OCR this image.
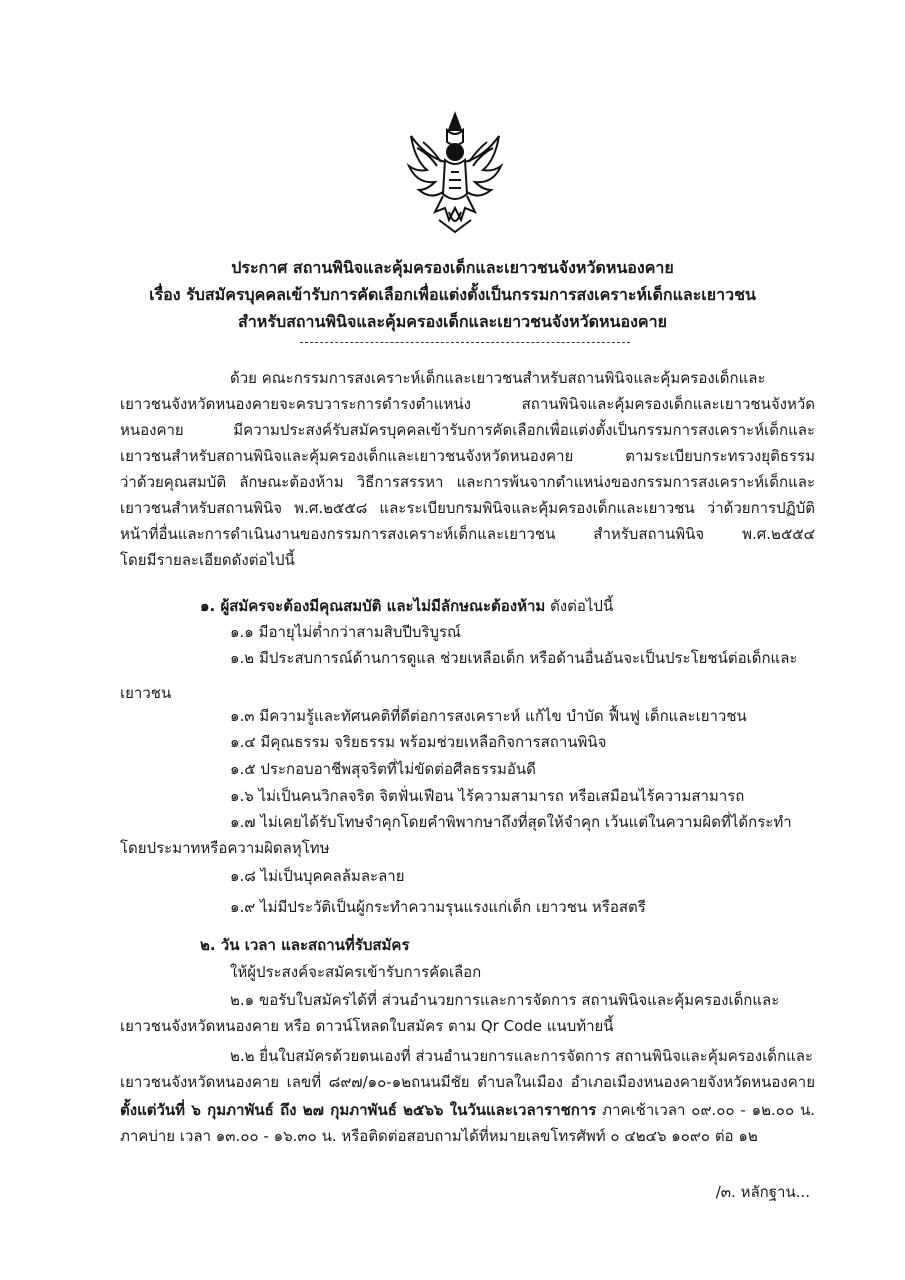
ประกาศ สถานพินิจและคุ้มครองเด็กและเยาวชนจังหวัดหนองคาย
เรื่อง รับสมัครบุคคลเข้ารับการคัดเลือกเพื่อแต่งตั้งเป็นกรรมการสงเคราะห์เด็กและเยาวชน
สำหรับสถานพินิจและคุ้มครองเด็กและเยาวชนจังหวัดหนองคาย
ด้วย คณะกรรมการสงเคราะห์เด็กและเยาวชนสำหรับสถานพินิจและคุ้มครองเด็กและ
เยาวชนจังหวัดหนองคายจะครบวาระการดำรงตำแหน่ง สถานพินิจและคุ้มครองเด็กและเยาวชนจังหวัด
หนองคาย มีความประสงค์รับสมัครบุคคลเข้ารับการคัดเลือกเพื่อแต่งตั้งเป็นกรรมการสงเคราะห์เด็กและ
เยาวชนสำหรับสถานพินิจและคุ้มครองเด็กและเยาวชนจังหวัดหนองคาย ตามระเบียบกระทรวงยุติธรรม
ว่าด้วยคุณสมบัติ ลักษณะต้องห้าม วิธีการสรรหา และการพ้นจากตำแหน่งของกรรมการสงเคราะห์เด็กและ
เยาวชนสำหรับสถานพินิจ พ.ศ.๒๕๕๘ และระเบียบกรมพินิจและคุ้มครองเด็กและเยาวชน ว่าด้วยการปฏิบัติ
หน้าที่อื่นและการดำเนินงานของกรรมการสงเคราะห์เด็กและเยาวชน สำหรับสถานพินิจ พ.ศ.๒๕๕๔
โดยมีรายละเอียดดังต่อไปนี้
๑. ผู้สมัครจะต้องมีคุณสมบัติ และไม่มีลักษณะต้องห้าม ดังต่อไปนี้
๑.๑ มีอายุไม่ต่ำกว่าสามสิบปีบริบูรณ์
๑.๒ มีประสบการณ์ด้านการดูแล ช่วยเหลือเด็ก หรือด้านอื่นอันจะเป็นประโยชน์ต่อเด็กและ
เยาวชน
๑.๓ มีความรู้และทัศนคติที่ดีต่อการสงเคราะห์ แก้ไข บำบัด ฟื้นฟู เด็กและเยาวชน
๑.๔ มีคุณธรรม จริยธรรม พร้อมช่วยเหลือกิจการสถานพินิจ
๑.๕ ประกอบอาชีพสุจริตที่ไม่ขัดต่อศีลธรรมอันดี
๑.๖ ไม่เป็นคนวิกลจริต จิตฟั่นเฟือน ไร้ความสามารถ หรือเสมือนไร้ความสามารถ
๑.๗ ไม่เคยได้รับโทษจำคุกโดยคำพิพากษาถึงที่สุดให้จำคุก เว้นแต่ในความผิดที่ได้กระทำ
โดยประมาทหรือความผิดลหุโทษ
๑.๘ ไม่เป็นบุคคลล้มละลาย
๑.๙ ไม่มีประวัติเป็นผู้กระทำความรุนแรงแก่เด็ก เยาวชน หรือสตรี
๒. วัน เวลา และสถานที่รับสมัคร
ให้ผู้ประสงค์จะสมัครเข้ารับการคัดเลือก
๒.๑ ขอรับใบสมัครได้ที่ ส่วนอำนวยการและการจัดการ สถานพินิจและคุ้มครองเด็กและ
เยาวชนจังหวัดหนองคาย หรือ ดาวน์โหลดใบสมัคร ตาม Qr Code แนบท้ายนี้
๒.๒ ยื่นใบสมัครด้วยตนเองที่ ส่วนอำนวยการและการจัดการ สถานพินิจและคุ้มครองเด็กและ
เยาวชนจังหวัดหนองคาย เลขที่ ๘๙๗/๑๐-๑๒ถนนมีชัย ตำบลในเมือง อำเภอเมืองหนองคายจังหวัดหนองคาย
ตั้งแต่วันที่ ๖ กุมภาพันธ์ ถึง ๒๗ กุมภาพันธ์ ๒๕๖๖ ในวันและเวลาราชการ ภาคเช้าเวลา ๐๙.๐๐ - ๑๒.๐๐ น.
ภาคบ่าย เวลา ๑๓.๐๐ - ๑๖.๓๐ น. หรือติดต่อสอบถามได้ที่หมายเลขโทรศัพท์ ๐ ๔๒๔๖ ๑๐๙๐ ต่อ ๑๒
/๓. หลักฐาน...
